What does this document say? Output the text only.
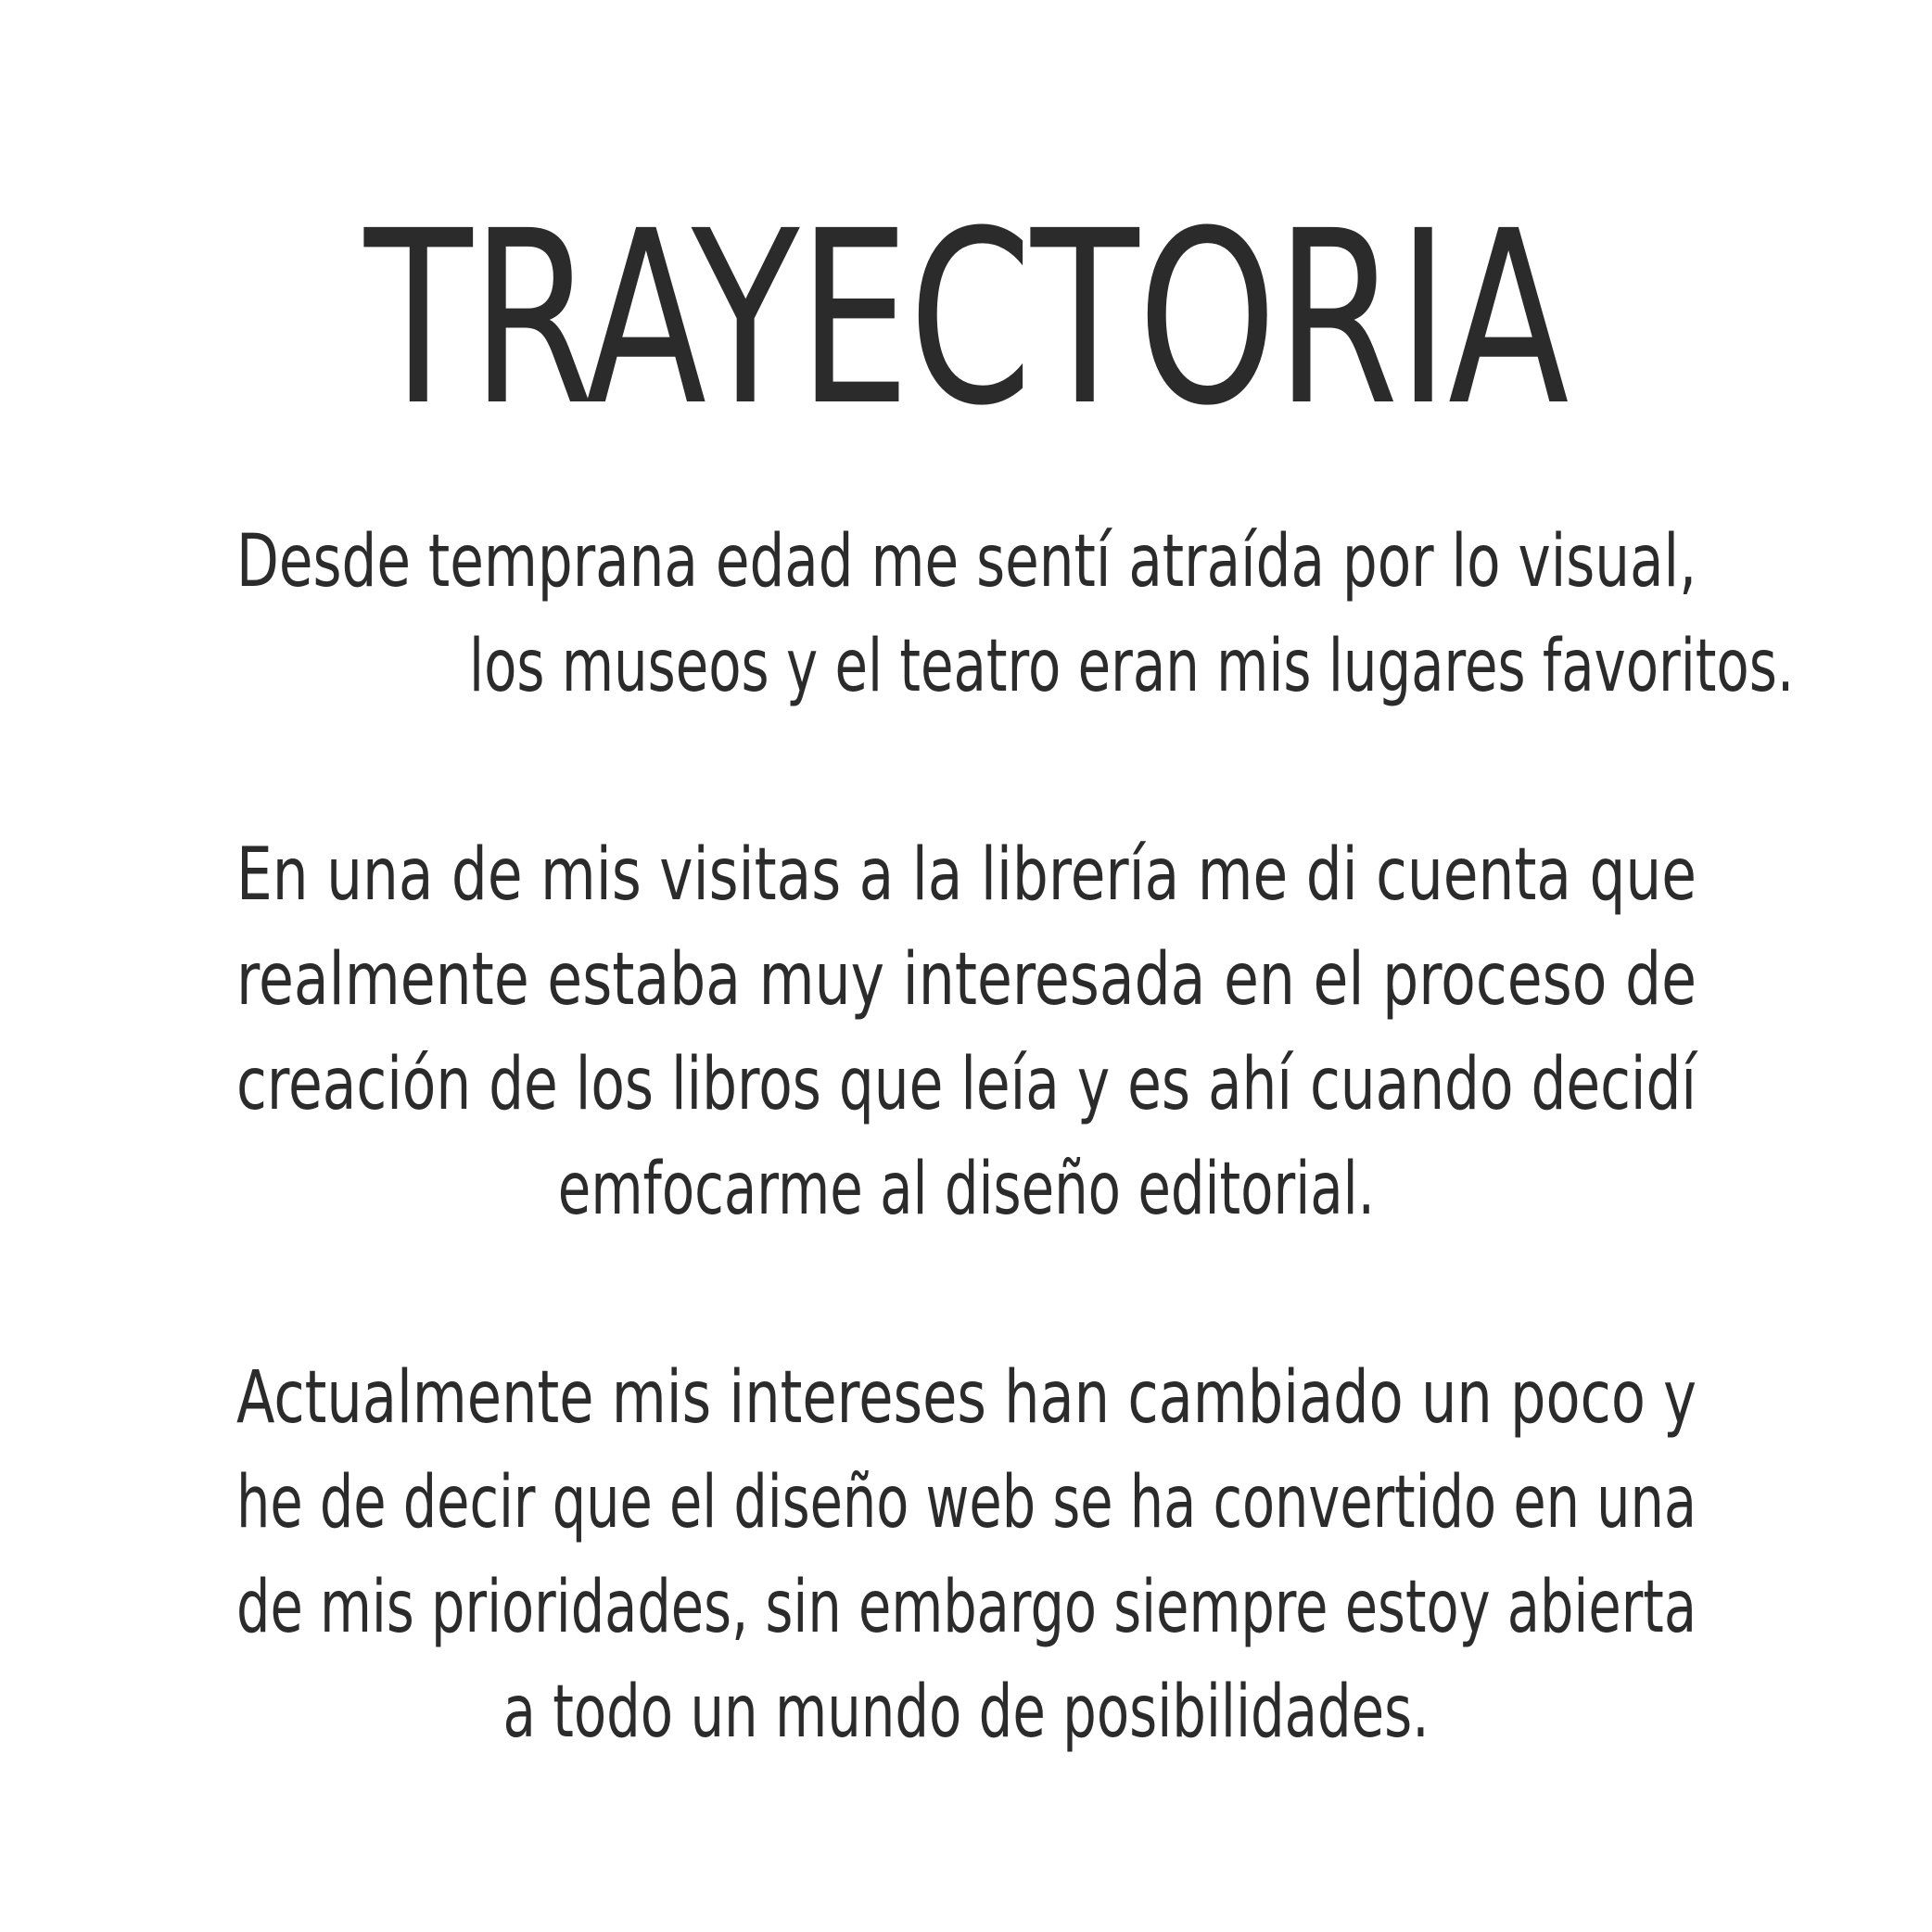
TRAYECTORIA
Desde temprana edad me sentí atraída por lo visual,
los museos y el teatro eran mis lugares favoritos.
En una de mis visitas a la librería me di cuenta que
realmente estaba muy interesada en el proceso de
creación de los libros que leía y es ahí cuando decidí
emfocarme al diseño editorial.
Actualmente mis intereses han cambiado un poco y
he de decir que el diseño web se ha convertido en una
de mis prioridades, sin embargo siempre estoy abierta
a todo un mundo de posibilidades.
